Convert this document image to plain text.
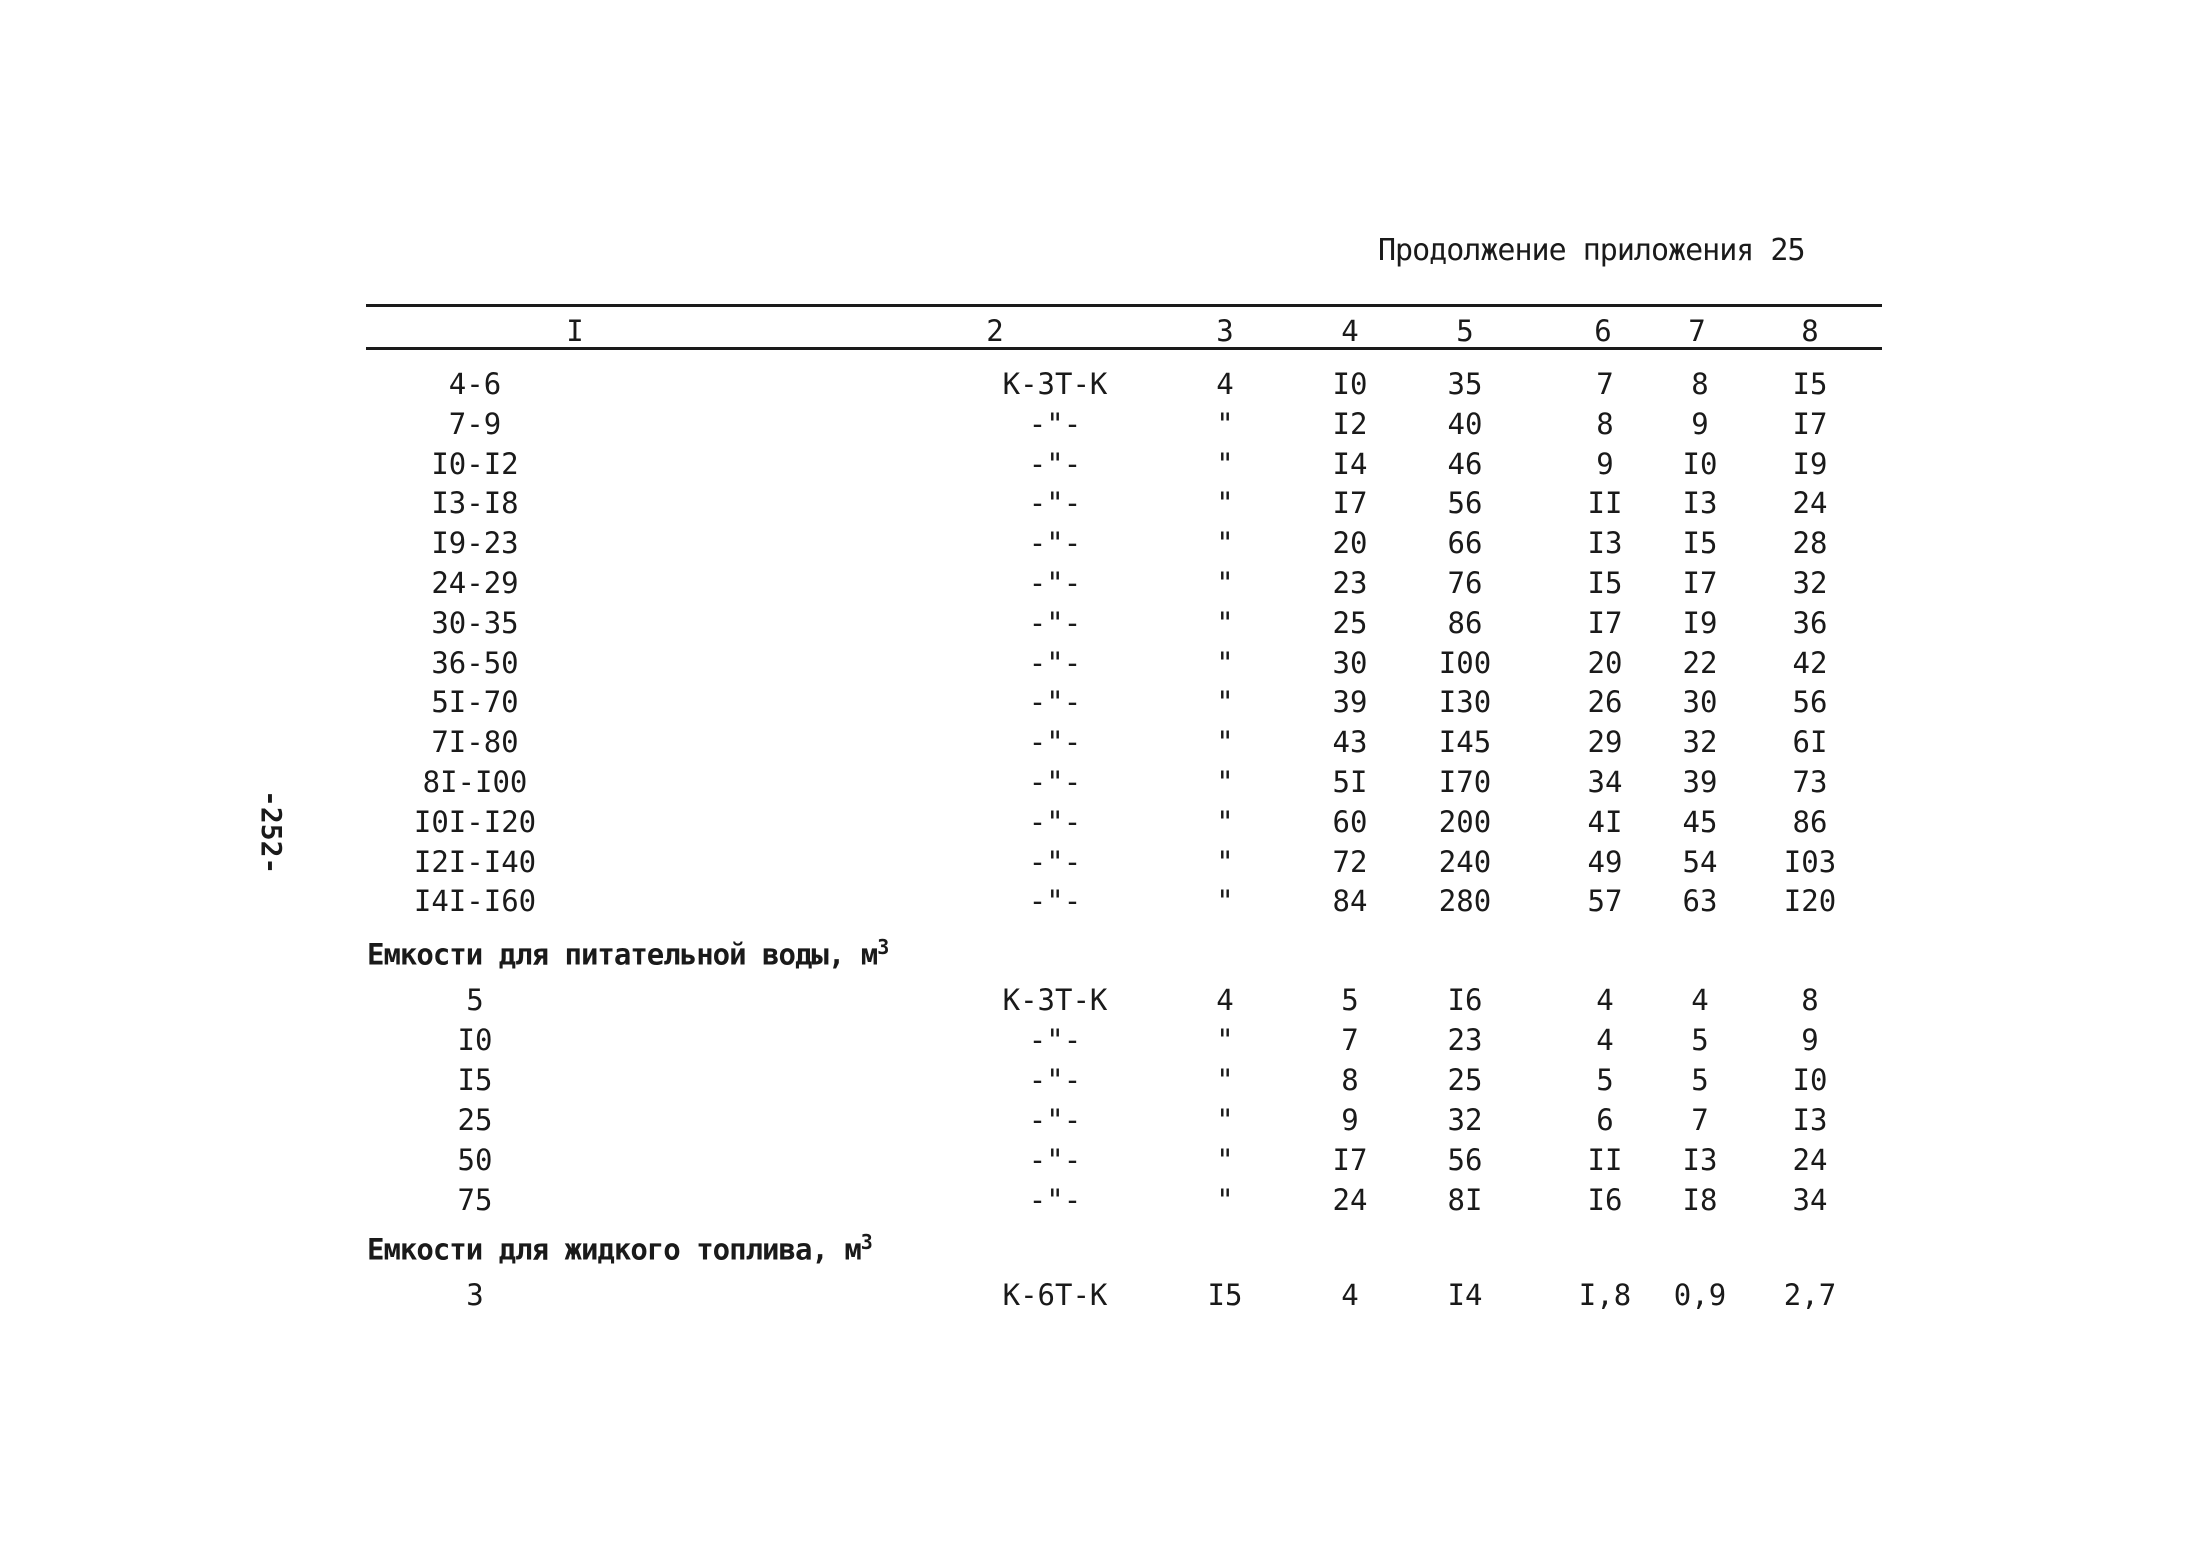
Продолжение приложения 25
I	2	3	4	5	6	7	8
4-6	К-3Т-К	4	I0	35	7	8	I5
7-9	-"-	"	I2	40	8	9	I7
I0-I2	-"-	"	I4	46	9	I0	I9
I3-I8	-"-	"	I7	56	II	I3	24
I9-23	-"-	"	20	66	I3	I5	28
24-29	-"-	"	23	76	I5	I7	32
30-35	-"-	"	25	86	I7	I9	36
36-50	-"-	"	30	I00	20	22	42
5I-70	-"-	"	39	I30	26	30	56
7I-80	-"-	"	43	I45	29	32	6I
8I-I00	-"-	"	5I	I70	34	39	73
I0I-I20	-"-	"	60	200	4I	45	86
I2I-I40	-"-	"	72	240	49	54	I03
I4I-I60	-"-	"	84	280	57	63	I20
Емкости для питательной воды, $м^3$
5	К-3Т-К	4	5	I6	4	4	8
I0	-"-	"	7	23	4	5	9
I5	-"-	"	8	25	5	5	I0
25	-"-	"	9	32	6	7	I3
50	-"-	"	I7	56	II	I3	24
75	-"-	"	24	8I	I6	I8	34
Емкости для жидкого топлива, $м^3$
3	К-6Т-К	I5	4	I4	I,8	0,9	2,7
-252-
